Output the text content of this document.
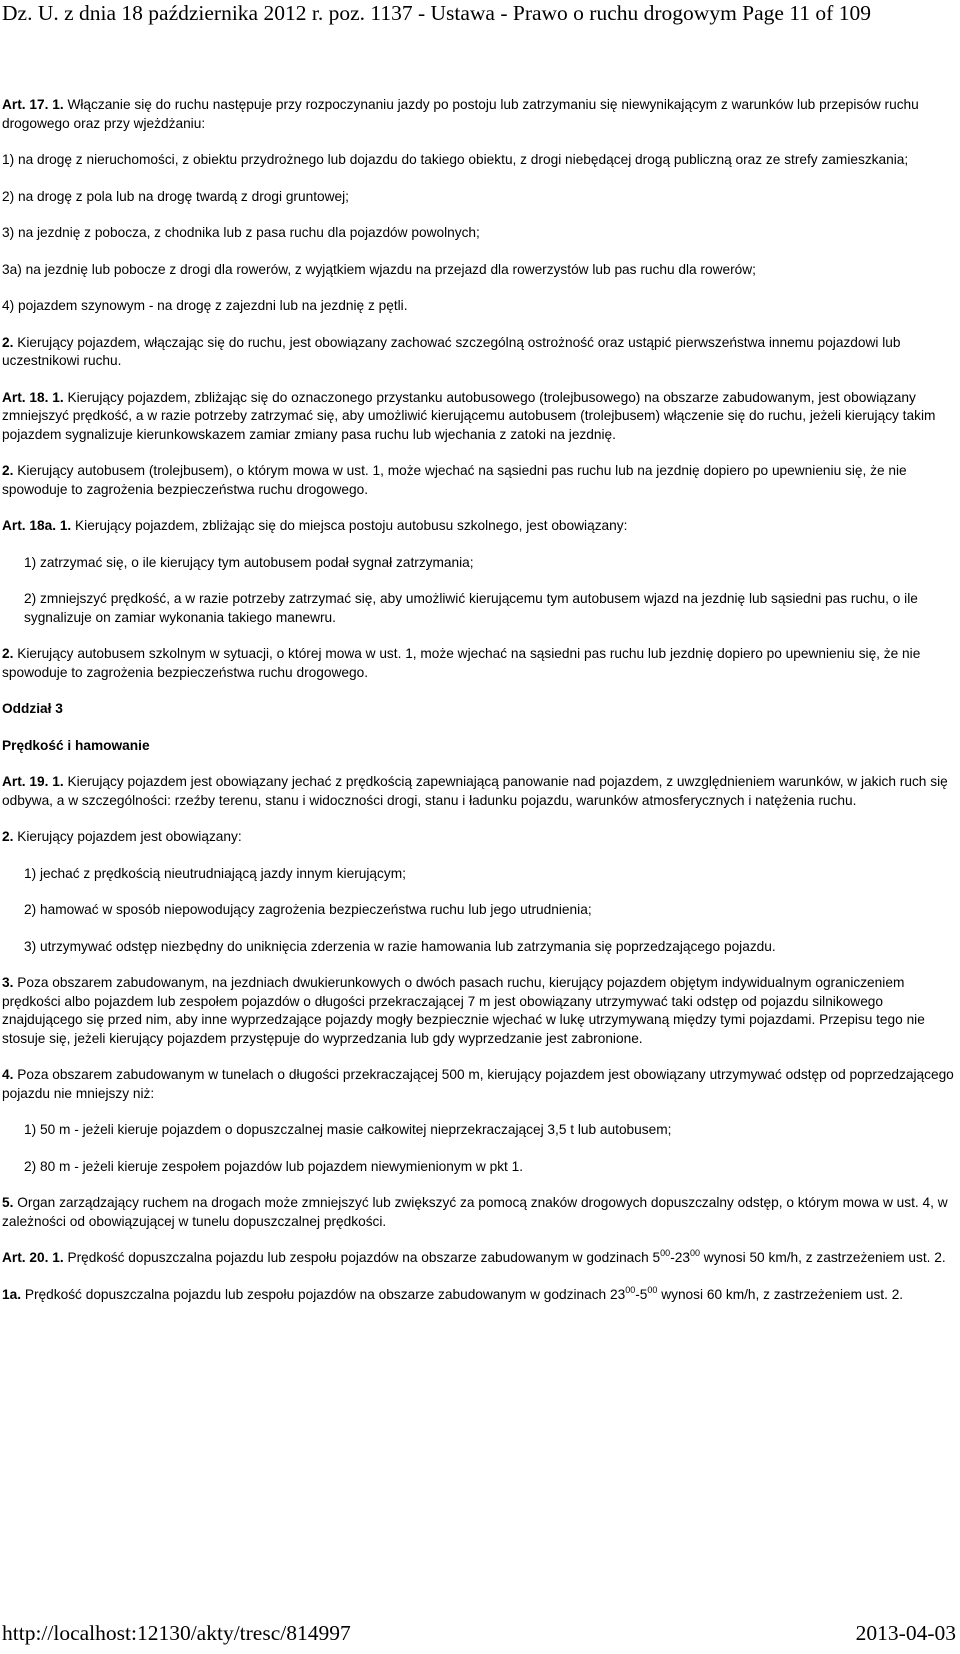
Dz. U. z dnia 18 października 2012 r. poz. 1137 - Ustawa - Prawo o ruchu drogowym Page 11 of 109

Art. 17. 1. Włączanie się do ruchu następuje przy rozpoczynaniu jazdy po postoju lub zatrzymaniu się niewynikającym z warunków lub przepisów ruchu drogowego oraz przy wjeżdżaniu:

1) na drogę z nieruchomości, z obiektu przydrożnego lub dojazdu do takiego obiektu, z drogi niebędącej drogą publiczną oraz ze strefy zamieszkania;

2) na drogę z pola lub na drogę twardą z drogi gruntowej;

3) na jezdnię z pobocza, z chodnika lub z pasa ruchu dla pojazdów powolnych;

3a) na jezdnię lub pobocze z drogi dla rowerów, z wyjątkiem wjazdu na przejazd dla rowerzystów lub pas ruchu dla rowerów;

4) pojazdem szynowym - na drogę z zajezdni lub na jezdnię z pętli.

2. Kierujący pojazdem, włączając się do ruchu, jest obowiązany zachować szczególną ostrożność oraz ustąpić pierwszeństwa innemu pojazdowi lub uczestnikowi ruchu.

Art. 18. 1. Kierujący pojazdem, zbliżając się do oznaczonego przystanku autobusowego (trolejbusowego) na obszarze zabudowanym, jest obowiązany zmniejszyć prędkość, a w razie potrzeby zatrzymać się, aby umożliwić kierującemu autobusem (trolejbusem) włączenie się do ruchu, jeżeli kierujący takim pojazdem sygnalizuje kierunkowskazem zamiar zmiany pasa ruchu lub wjechania z zatoki na jezdnię.

2. Kierujący autobusem (trolejbusem), o którym mowa w ust. 1, może wjechać na sąsiedni pas ruchu lub na jezdnię dopiero po upewnieniu się, że nie spowoduje to zagrożenia bezpieczeństwa ruchu drogowego.

Art. 18a. 1. Kierujący pojazdem, zbliżając się do miejsca postoju autobusu szkolnego, jest obowiązany:

1) zatrzymać się, o ile kierujący tym autobusem podał sygnał zatrzymania;

2) zmniejszyć prędkość, a w razie potrzeby zatrzymać się, aby umożliwić kierującemu tym autobusem wjazd na jezdnię lub sąsiedni pas ruchu, o ile sygnalizuje on zamiar wykonania takiego manewru.

2. Kierujący autobusem szkolnym w sytuacji, o której mowa w ust. 1, może wjechać na sąsiedni pas ruchu lub jezdnię dopiero po upewnieniu się, że nie spowoduje to zagrożenia bezpieczeństwa ruchu drogowego.

Oddział 3

Prędkość i hamowanie

Art. 19. 1. Kierujący pojazdem jest obowiązany jechać z prędkością zapewniającą panowanie nad pojazdem, z uwzględnieniem warunków, w jakich ruch się odbywa, a w szczególności: rzeźby terenu, stanu i widoczności drogi, stanu i ładunku pojazdu, warunków atmosferycznych i natężenia ruchu.

2. Kierujący pojazdem jest obowiązany:

1) jechać z prędkością nieutrudniającą jazdy innym kierującym;

2) hamować w sposób niepowodujący zagrożenia bezpieczeństwa ruchu lub jego utrudnienia;

3) utrzymywać odstęp niezbędny do uniknięcia zderzenia w razie hamowania lub zatrzymania się poprzedzającego pojazdu.

3. Poza obszarem zabudowanym, na jezdniach dwukierunkowych o dwóch pasach ruchu, kierujący pojazdem objętym indywidualnym ograniczeniem prędkości albo pojazdem lub zespołem pojazdów o długości przekraczającej 7 m jest obowiązany utrzymywać taki odstęp od pojazdu silnikowego znajdującego się przed nim, aby inne wyprzedzające pojazdy mogły bezpiecznie wjechać w lukę utrzymywaną między tymi pojazdami. Przepisu tego nie stosuje się, jeżeli kierujący pojazdem przystępuje do wyprzedzania lub gdy wyprzedzanie jest zabronione.

4. Poza obszarem zabudowanym w tunelach o długości przekraczającej 500 m, kierujący pojazdem jest obowiązany utrzymywać odstęp od poprzedzającego pojazdu nie mniejszy niż:

1) 50 m - jeżeli kieruje pojazdem o dopuszczalnej masie całkowitej nieprzekraczającej 3,5 t lub autobusem;

2) 80 m - jeżeli kieruje zespołem pojazdów lub pojazdem niewymienionym w pkt 1.

5. Organ zarządzający ruchem na drogach może zmniejszyć lub zwiększyć za pomocą znaków drogowych dopuszczalny odstęp, o którym mowa w ust. 4, w zależności od obowiązującej w tunelu dopuszczalnej prędkości.

Art. 20. 1. Prędkość dopuszczalna pojazdu lub zespołu pojazdów na obszarze zabudowanym w godzinach $5^{00}-23^{00}$ wynosi 50 km/h, z zastrzeżeniem ust. 2.

1a. Prędkość dopuszczalna pojazdu lub zespołu pojazdów na obszarze zabudowanym w godzinach $23^{00}-5^{00}$ wynosi 60 km/h, z zastrzeżeniem ust. 2.

http://localhost:12130/akty/tresc/814997	2013-04-03
